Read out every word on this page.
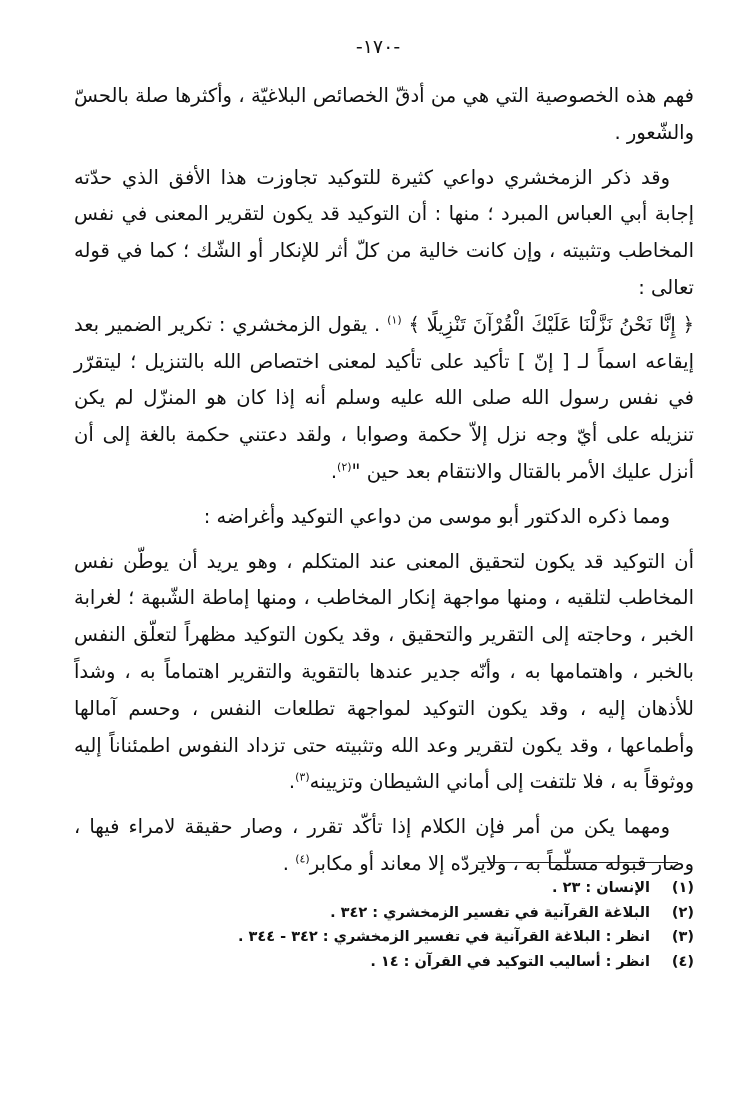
-١٧٠-

فهم هذه الخصوصية التي هي من أدقّ الخصائص البلاغيّة ، وأكثرها صلة بالحسّ والشّعور .

وقد ذكر الزمخشري دواعي كثيرة للتوكيد تجاوزت هذا الأفق الذي حدّته إجابة أبي العباس المبرد ؛ منها : أن التوكيد قد يكون لتقرير المعنى في نفس المخاطب وتثبيته ، وإن كانت خالية من كلّ أثر للإنكار أو الشّك ؛ كما في قوله تعالى :
﴿ إِنَّا نَحْنُ نَزَّلْنَا عَلَيْكَ الْقُرْآنَ تَنْزِيلًا ﴾ $^{(١)}$ . يقول الزمخشري : تكرير الضمير بعد إيقاعه اسماً لـ [ إنّ ] تأكيد على تأكيد لمعنى اختصاص الله بالتنزيل ؛ ليتقرّر في نفس رسول الله صلى الله عليه وسلم أنه إذا كان هو المنزّل لم يكن تنزيله على أيّ وجه نزل إلاّ حكمة وصوابا ، ولقد دعتني حكمة بالغة إلى أن أنزل عليك الأمر بالقتال والانتقام بعد حين "$^{(٢)}$.

ومما ذكره الدكتور أبو موسى من دواعي التوكيد وأغراضه :

أن التوكيد قد يكون لتحقيق المعنى عند المتكلم ، وهو يريد أن يوطّن نفس المخاطب لتلقيه ، ومنها مواجهة إنكار المخاطب ، ومنها إماطة الشّبهة ؛ لغرابة الخبر ، وحاجته إلى التقرير والتحقيق ، وقد يكون التوكيد مظهراً لتعلّق النفس بالخبر ، واهتمامها به ، وأنّه جدير عندها بالتقوية والتقرير اهتماماً به ، وشداً للأذهان إليه ، وقد يكون التوكيد لمواجهة تطلعات النفس ، وحسم آمالها وأطماعها ، وقد يكون لتقرير وعد الله وتثبيته حتى تزداد النفوس اطمئناناً إليه ووثوقاً به ، فلا تلتفت إلى أماني الشيطان وتزيينه$^{(٣)}$.

ومهما يكن من أمر فإن الكلام إذا تأكّد تقرر ، وصار حقيقة لامراء فيها ، وصار قبوله مسلّماً به ، ولايردّه إلا معاند أو مكابر$^{(٤)}$ .

(١)
الإنسان : ٢٣ .
(٢)
البلاغة القرآنية في تفسير الزمخشري : ٣٤٢ .
(٣)
انظر : البلاغة القرآنية في تفسير الزمخشري : ٣٤٢ - ٣٤٤ .
(٤)
انظر : أساليب التوكيد في القرآن : ١٤ .
